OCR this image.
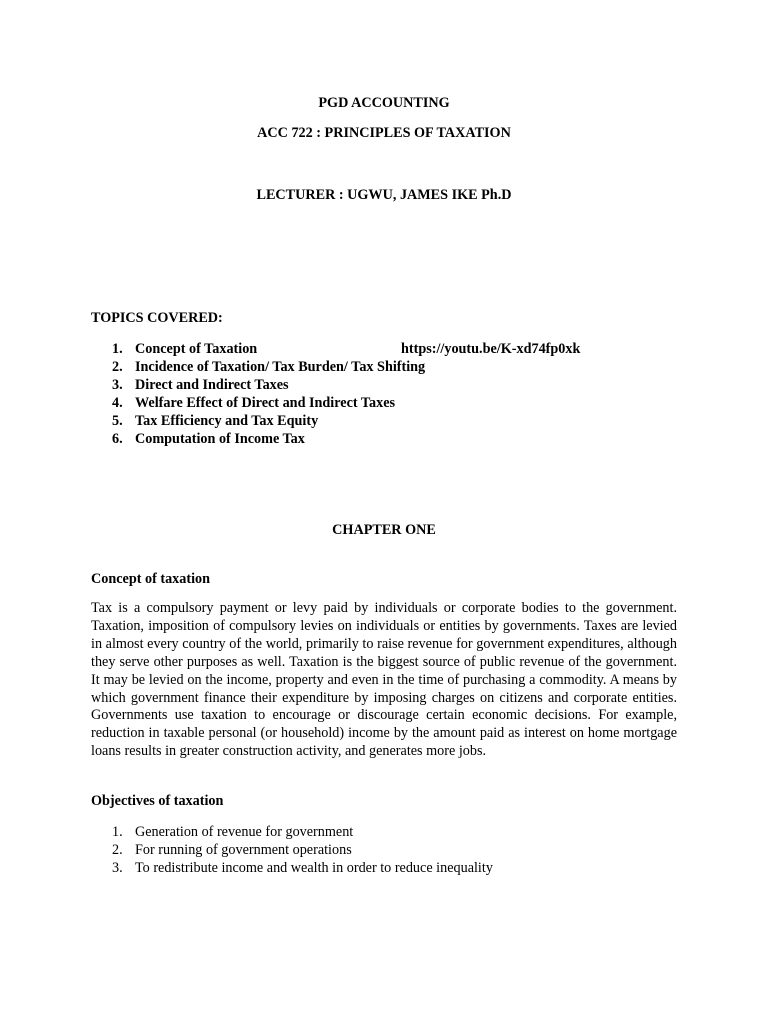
PGD ACCOUNTING
ACC 722 : PRINCIPLES OF TAXATION
LECTURER : UGWU, JAMES IKE Ph.D
TOPICS COVERED:
1. Concept of Taxation	https://youtu.be/K-xd74fp0xk
2. Incidence of Taxation/ Tax Burden/ Tax Shifting
3. Direct and Indirect Taxes
4. Welfare Effect of Direct and Indirect Taxes
5. Tax Efficiency and Tax Equity
6. Computation of Income Tax
CHAPTER ONE
Concept of taxation

Tax is a compulsory payment or levy paid by individuals or corporate bodies to the government. Taxation, imposition of compulsory levies on individuals or entities by governments. Taxes are levied in almost every country of the world, primarily to raise revenue for government expenditures, although they serve other purposes as well. Taxation is the biggest source of public revenue of the government. It may be levied on the income, property and even in the time of purchasing a commodity. A means by which government finance their expenditure by imposing charges on citizens and corporate entities. Governments use taxation to encourage or discourage certain economic decisions. For example, reduction in taxable personal (or household) income by the amount paid as interest on home mortgage loans results in greater construction activity, and generates more jobs.

Objectives of taxation
1. Generation of revenue for government
2. For running of government operations
3. To redistribute income and wealth in order to reduce inequality
